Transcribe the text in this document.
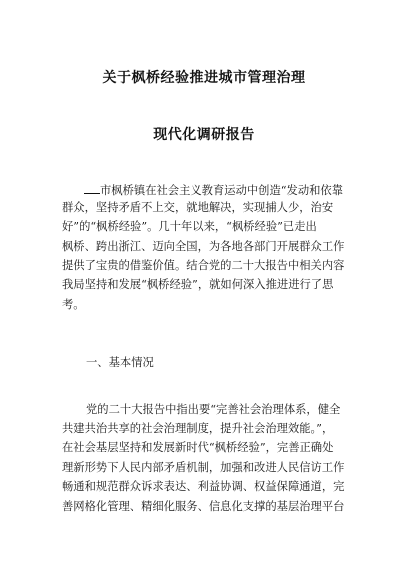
关于枫桥经验推进城市管理治理
现代化调研报告
市枫桥镇在社会主义教育运动中创造“发动和依靠
群众，坚持矛盾不上交，就地解决，实现捕人少，治安
好”的“枫桥经验”。几十年以来，“枫桥经验”已走出
枫桥、跨出浙江、迈向全国，为各地各部门开展群众工作
提供了宝贵的借鉴价值。结合党的二十大报告中相关内容
我局坚持和发展“枫桥经验”，就如何深入推进进行了思
考。
一、基本情况
党的二十大报告中指出要“完善社会治理体系，健全
共建共治共享的社会治理制度，提升社会治理效能。”，
在社会基层坚持和发展新时代“枫桥经验”，完善正确处
理新形势下人民内部矛盾机制，加强和改进人民信访工作
畅通和规范群众诉求表达、利益协调、权益保障通道，完
善网格化管理、精细化服务、信息化支撑的基层治理平台
